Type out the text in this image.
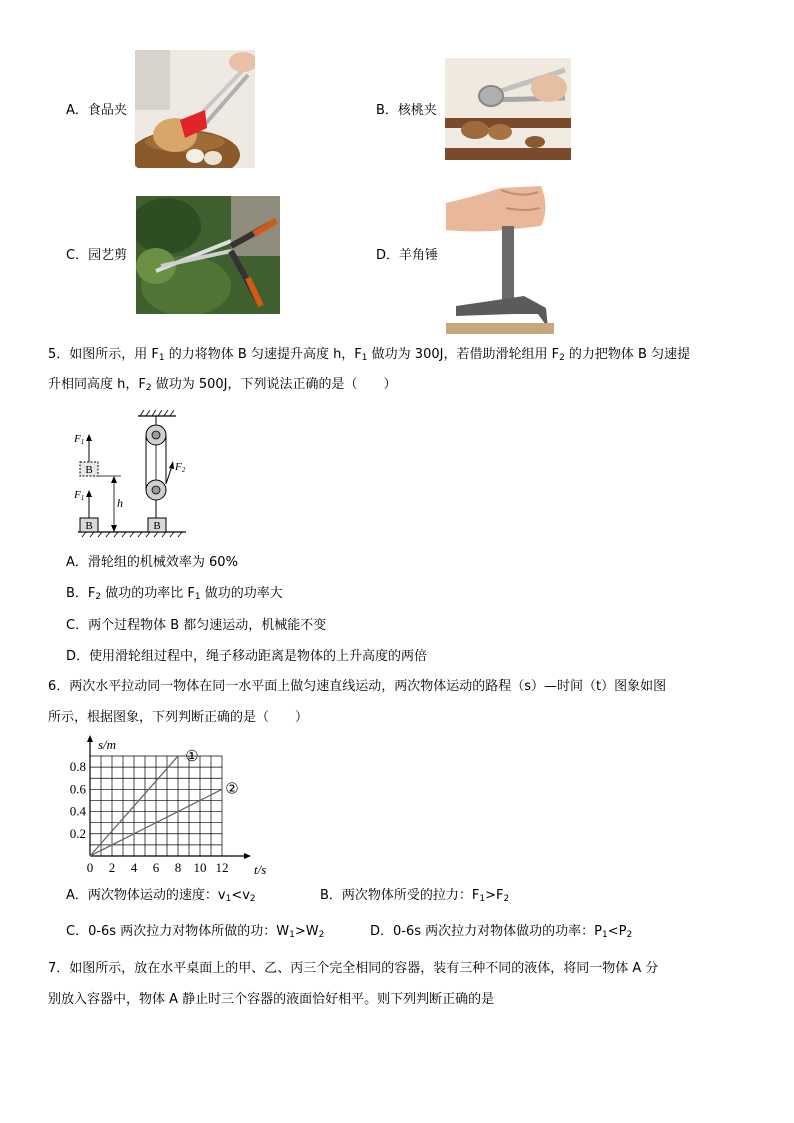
A．食品夹	B．核桃夹
C．园艺剪	D．羊角锤
5．如图所示，用 $F_1$ 的力将物体 B 匀速提升高度 h，$F_1$ 做功为 300J，若借助滑轮组用 $F_2$ 的力把物体 B 匀速提
升相同高度 h，$F_2$ 做功为 500J，下列说法正确的是（　　）
B
F1
B
F1
h
F2
B
A．滑轮组的机械效率为 60%
B．$F_2$ 做功的功率比 $F_1$ 做功的功率大
C．两个过程物体 B 都匀速运动，机械能不变
D．使用滑轮组过程中，绳子移动距离是物体的上升高度的两倍
6．两次水平拉动同一物体在同一水平面上做匀速直线运动，两次物体运动的路程（s）—时间（t）图象如图
所示，根据图象，下列判断正确的是（　　）
①
②
0 2 4 6 8 10 12
0.2
0.4
0.6
0.8
s/m
t/s
A．两次物体运动的速度：$v_1<v_2$	B．两次物体所受的拉力：$F_1>F_2$
C．0-6s 两次拉力对物体所做的功：$W_1>W_2$	D．0-6s 两次拉力对物体做功的功率：$P_1<P_2$
7．如图所示，放在水平桌面上的甲、乙、丙三个完全相同的容器，装有三种不同的液体，将同一物体 A 分
别放入容器中，物体 A 静止时三个容器的液面恰好相平。则下列判断正确的是
